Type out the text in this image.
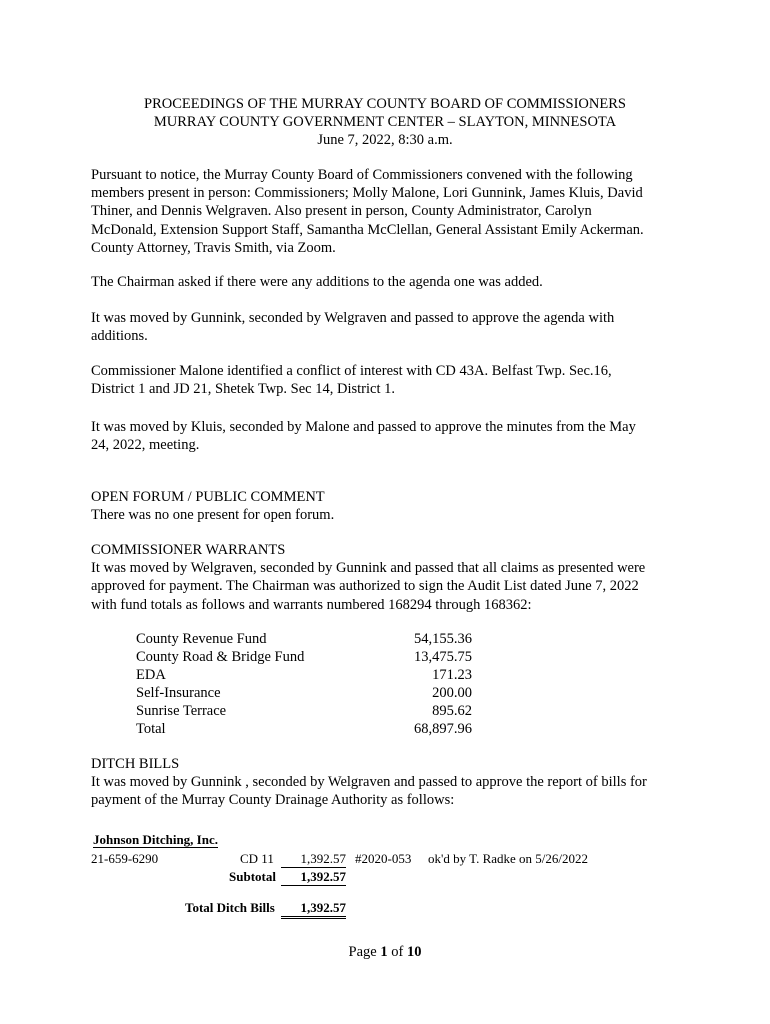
PROCEEDINGS OF THE MURRAY COUNTY BOARD OF COMMISSIONERS

MURRAY COUNTY GOVERNMENT CENTER – SLAYTON, MINNESOTA

June 7, 2022, 8:30 a.m.

Pursuant to notice, the Murray County Board of Commissioners convened with the following
members present in person: Commissioners; Molly Malone, Lori Gunnink, James Kluis, David
Thiner, and Dennis Welgraven. Also present in person, County Administrator, Carolyn
McDonald, Extension Support Staff, Samantha McClellan, General Assistant Emily Ackerman.
County Attorney, Travis Smith, via Zoom.

The Chairman asked if there were any additions to the agenda one was added.

It was moved by Gunnink, seconded by Welgraven and passed to approve the agenda with
additions.
Commissioner Malone identified a conflict of interest with CD 43A. Belfast Twp. Sec.16,
District 1 and JD 21, Shetek Twp. Sec 14, District 1.
It was moved by Kluis, seconded by Malone and passed to approve the minutes from the May
24, 2022, meeting.
OPEN FORUM / PUBLIC COMMENT
There was no one present for open forum.
COMMISSIONER WARRANTS
It was moved by Welgraven, seconded by Gunnink and passed that all claims as presented were
approved for payment. The Chairman was authorized to sign the Audit List dated June 7, 2022
with fund totals as follows and warrants numbered 168294 through 168362:
County Revenue Fund	54,155.36
County Road & Bridge Fund	13,475.75
EDA	171.23
Self-Insurance	200.00
Sunrise Terrace	895.62
Total	68,897.96
DITCH BILLS
It was moved by Gunnink , seconded by Welgraven and passed to approve the report of bills for
payment of the Murray County Drainage Authority as follows:
Johnson Ditching, Inc.
21-659-6290	CD 11	1,392.57 #2020-053 ok'd by T. Radke on 5/26/2022
Subtotal	1,392.57
Total Ditch Bills	1,392.57
Page 1 of 10
